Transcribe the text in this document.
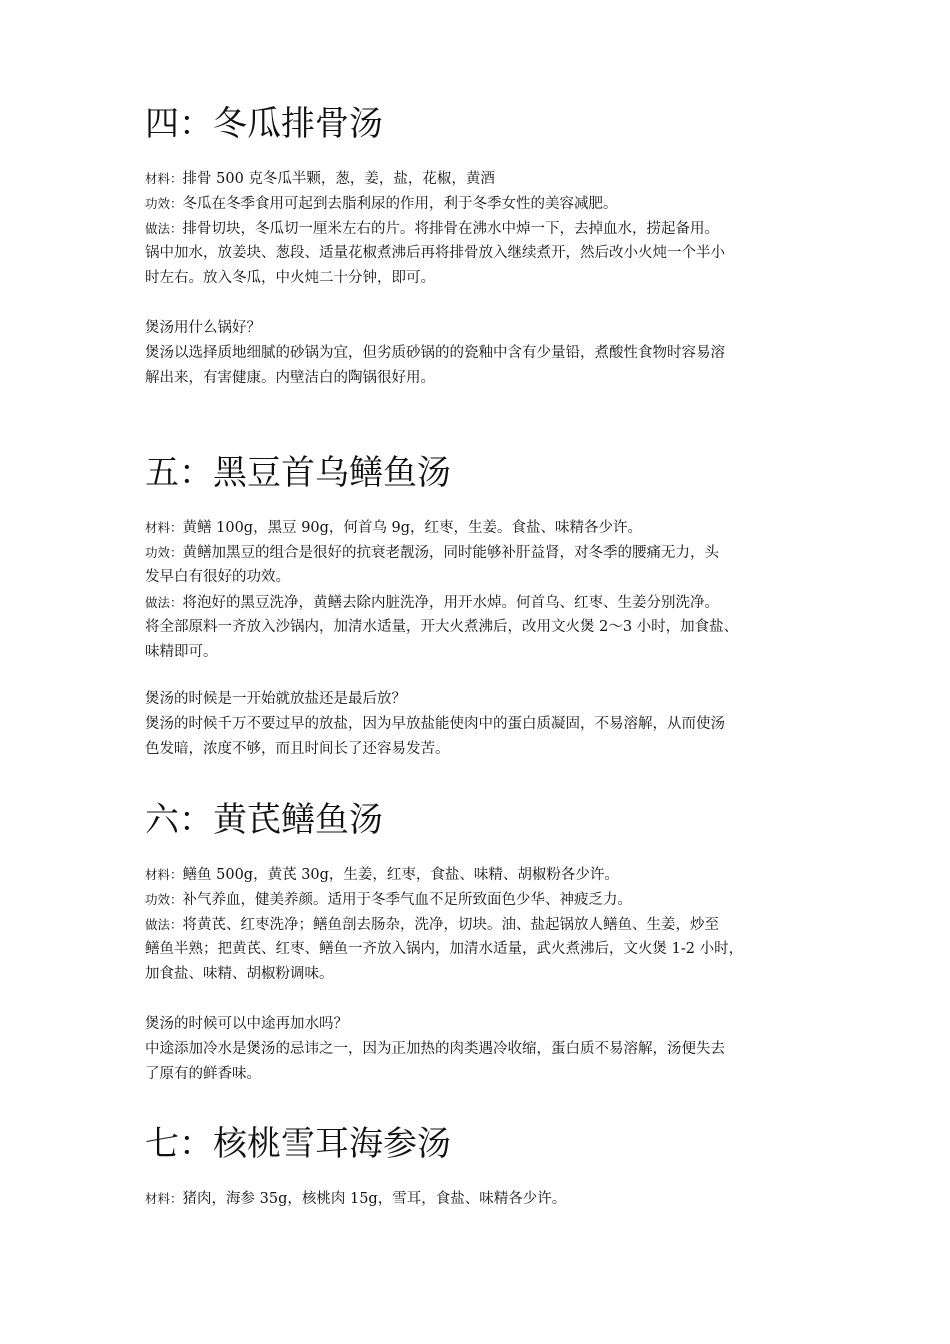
四：冬瓜排骨汤
材料：排骨 500 克冬瓜半颗，葱，姜，盐，花椒，黄酒
功效：冬瓜在冬季食用可起到去脂利尿的作用，利于冬季女性的美容减肥。
做法：排骨切块，冬瓜切一厘米左右的片。将排骨在沸水中焯一下，去掉血水，捞起备用。
锅中加水，放姜块、葱段、适量花椒煮沸后再将排骨放入继续煮开，然后改小火炖一个半小
时左右。放入冬瓜，中火炖二十分钟，即可。
煲汤用什么锅好？
煲汤以选择质地细腻的砂锅为宜，但劣质砂锅的的瓷釉中含有少量铅，煮酸性食物时容易溶
解出来，有害健康。内壁洁白的陶锅很好用。
五：黑豆首乌鳝鱼汤
材料：黄鳝 100g，黑豆 90g，何首乌 9g，红枣，生姜。食盐、味精各少许。
功效：黄鳝加黑豆的组合是很好的抗衰老靓汤，同时能够补肝益肾，对冬季的腰痛无力，头
发早白有很好的功效。
做法：将泡好的黑豆洗净，黄鳝去除内脏洗净，用开水焯。何首乌、红枣、生姜分别洗净。
将全部原料一齐放入沙锅内，加清水适量，开大火煮沸后，改用文火煲 2～3 小时，加食盐、
味精即可。
煲汤的时候是一开始就放盐还是最后放？
煲汤的时候千万不要过早的放盐，因为早放盐能使肉中的蛋白质凝固，不易溶解，从而使汤
色发暗，浓度不够，而且时间长了还容易发苦。
六：黄芪鳝鱼汤
材料：鳝鱼 500g，黄芪 30g，生姜，红枣，食盐、味精、胡椒粉各少许。
功效：补气养血，健美养颜。适用于冬季气血不足所致面色少华、神疲乏力。
做法：将黄芪、红枣洗净；鳝鱼剖去肠杂，洗净，切块。油、盐起锅放人鳝鱼、生姜，炒至
鳝鱼半熟；把黄芪、红枣、鳝鱼一齐放入锅内，加清水适量，武火煮沸后，文火煲 1-2 小时，
加食盐、味精、胡椒粉调味。
煲汤的时候可以中途再加水吗？
中途添加冷水是煲汤的忌讳之一，因为正加热的肉类遇冷收缩，蛋白质不易溶解，汤便失去
了原有的鲜香味。
七：核桃雪耳海参汤
材料：猪肉，海参 35g，核桃肉 15g，雪耳，食盐、味精各少许。
